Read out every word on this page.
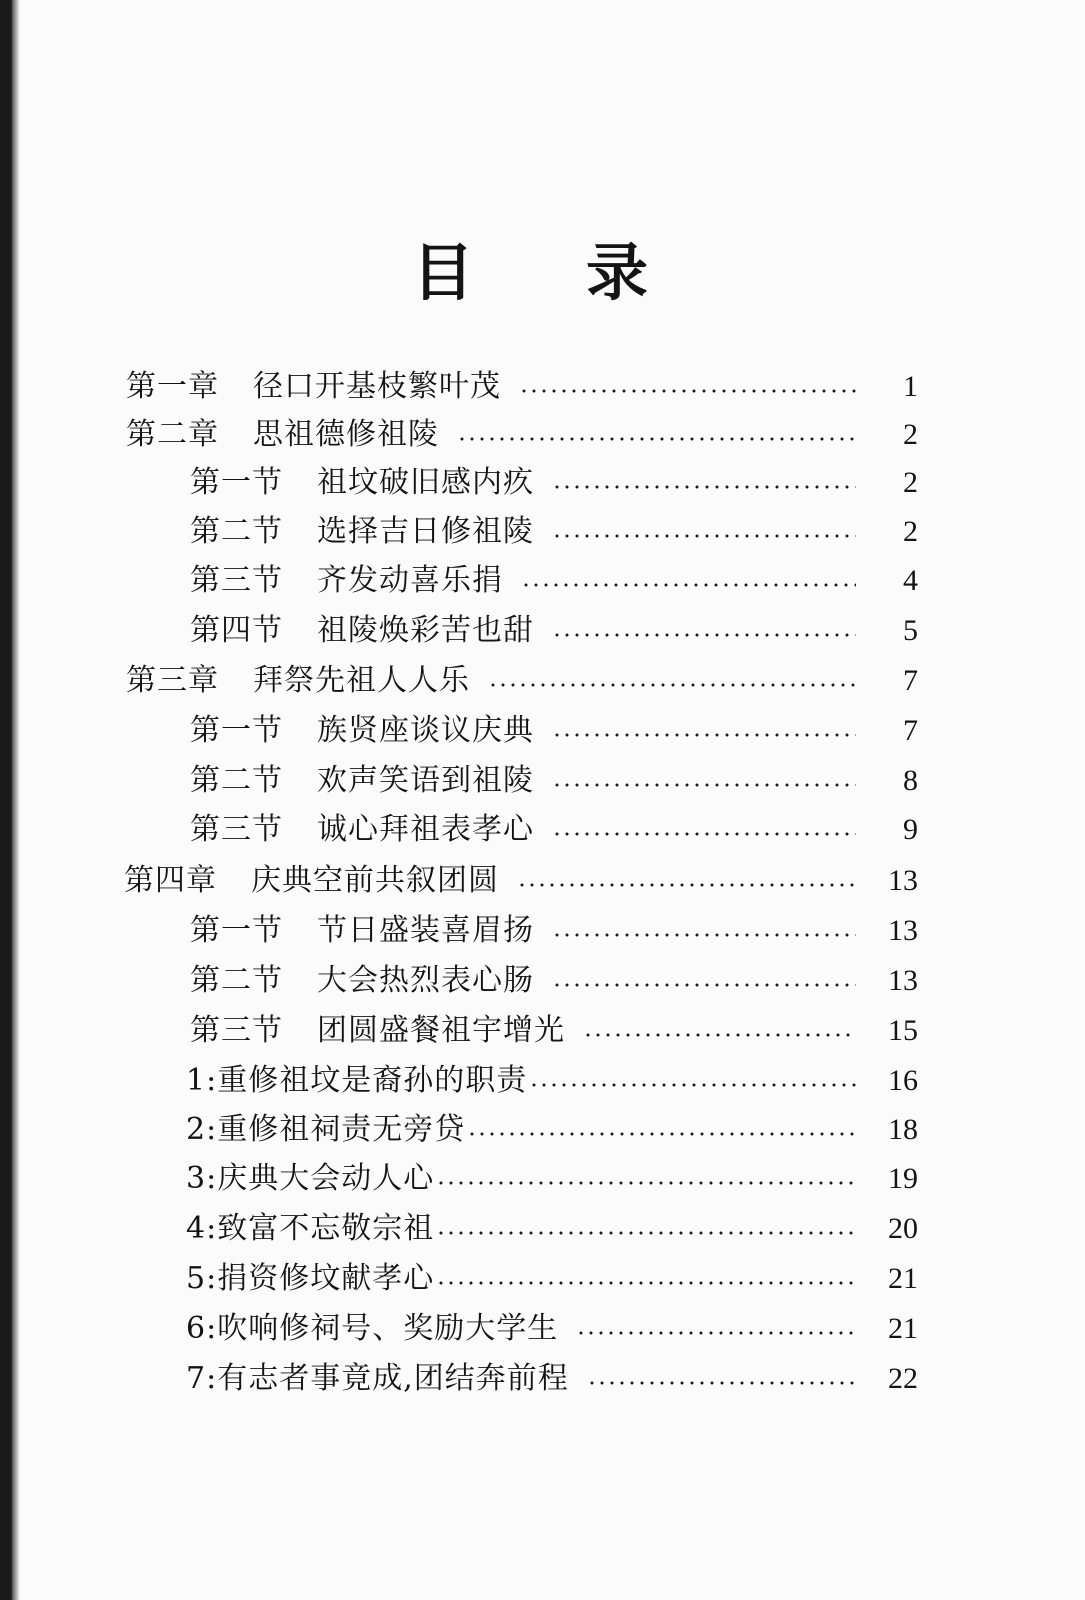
目 录
第一章 径口开基枝繁叶茂	1
第二章 思祖德修祖陵	2
第一节 祖坟破旧感内疚	2
第二节 选择吉日修祖陵	2
第三节 齐发动喜乐捐	4
第四节 祖陵焕彩苦也甜	5
第三章 拜祭先祖人人乐	7
第一节 族贤座谈议庆典	7
第二节 欢声笑语到祖陵	8
第三节 诚心拜祖表孝心	9
第四章 庆典空前共叙团圆	13
第一节 节日盛装喜眉扬	13
第二节 大会热烈表心肠	13
第三节 团圆盛餐祖宇增光	15
1: 重修祖坟是裔孙的职责	16
2: 重修祖祠责无旁贷	18
3: 庆典大会动人心	19
4: 致富不忘敬宗祖	20
5: 捐资修坟献孝心	21
6: 吹响修祠号、奖励大学生	21
7: 有志者事竟成,团结奔前程	22
